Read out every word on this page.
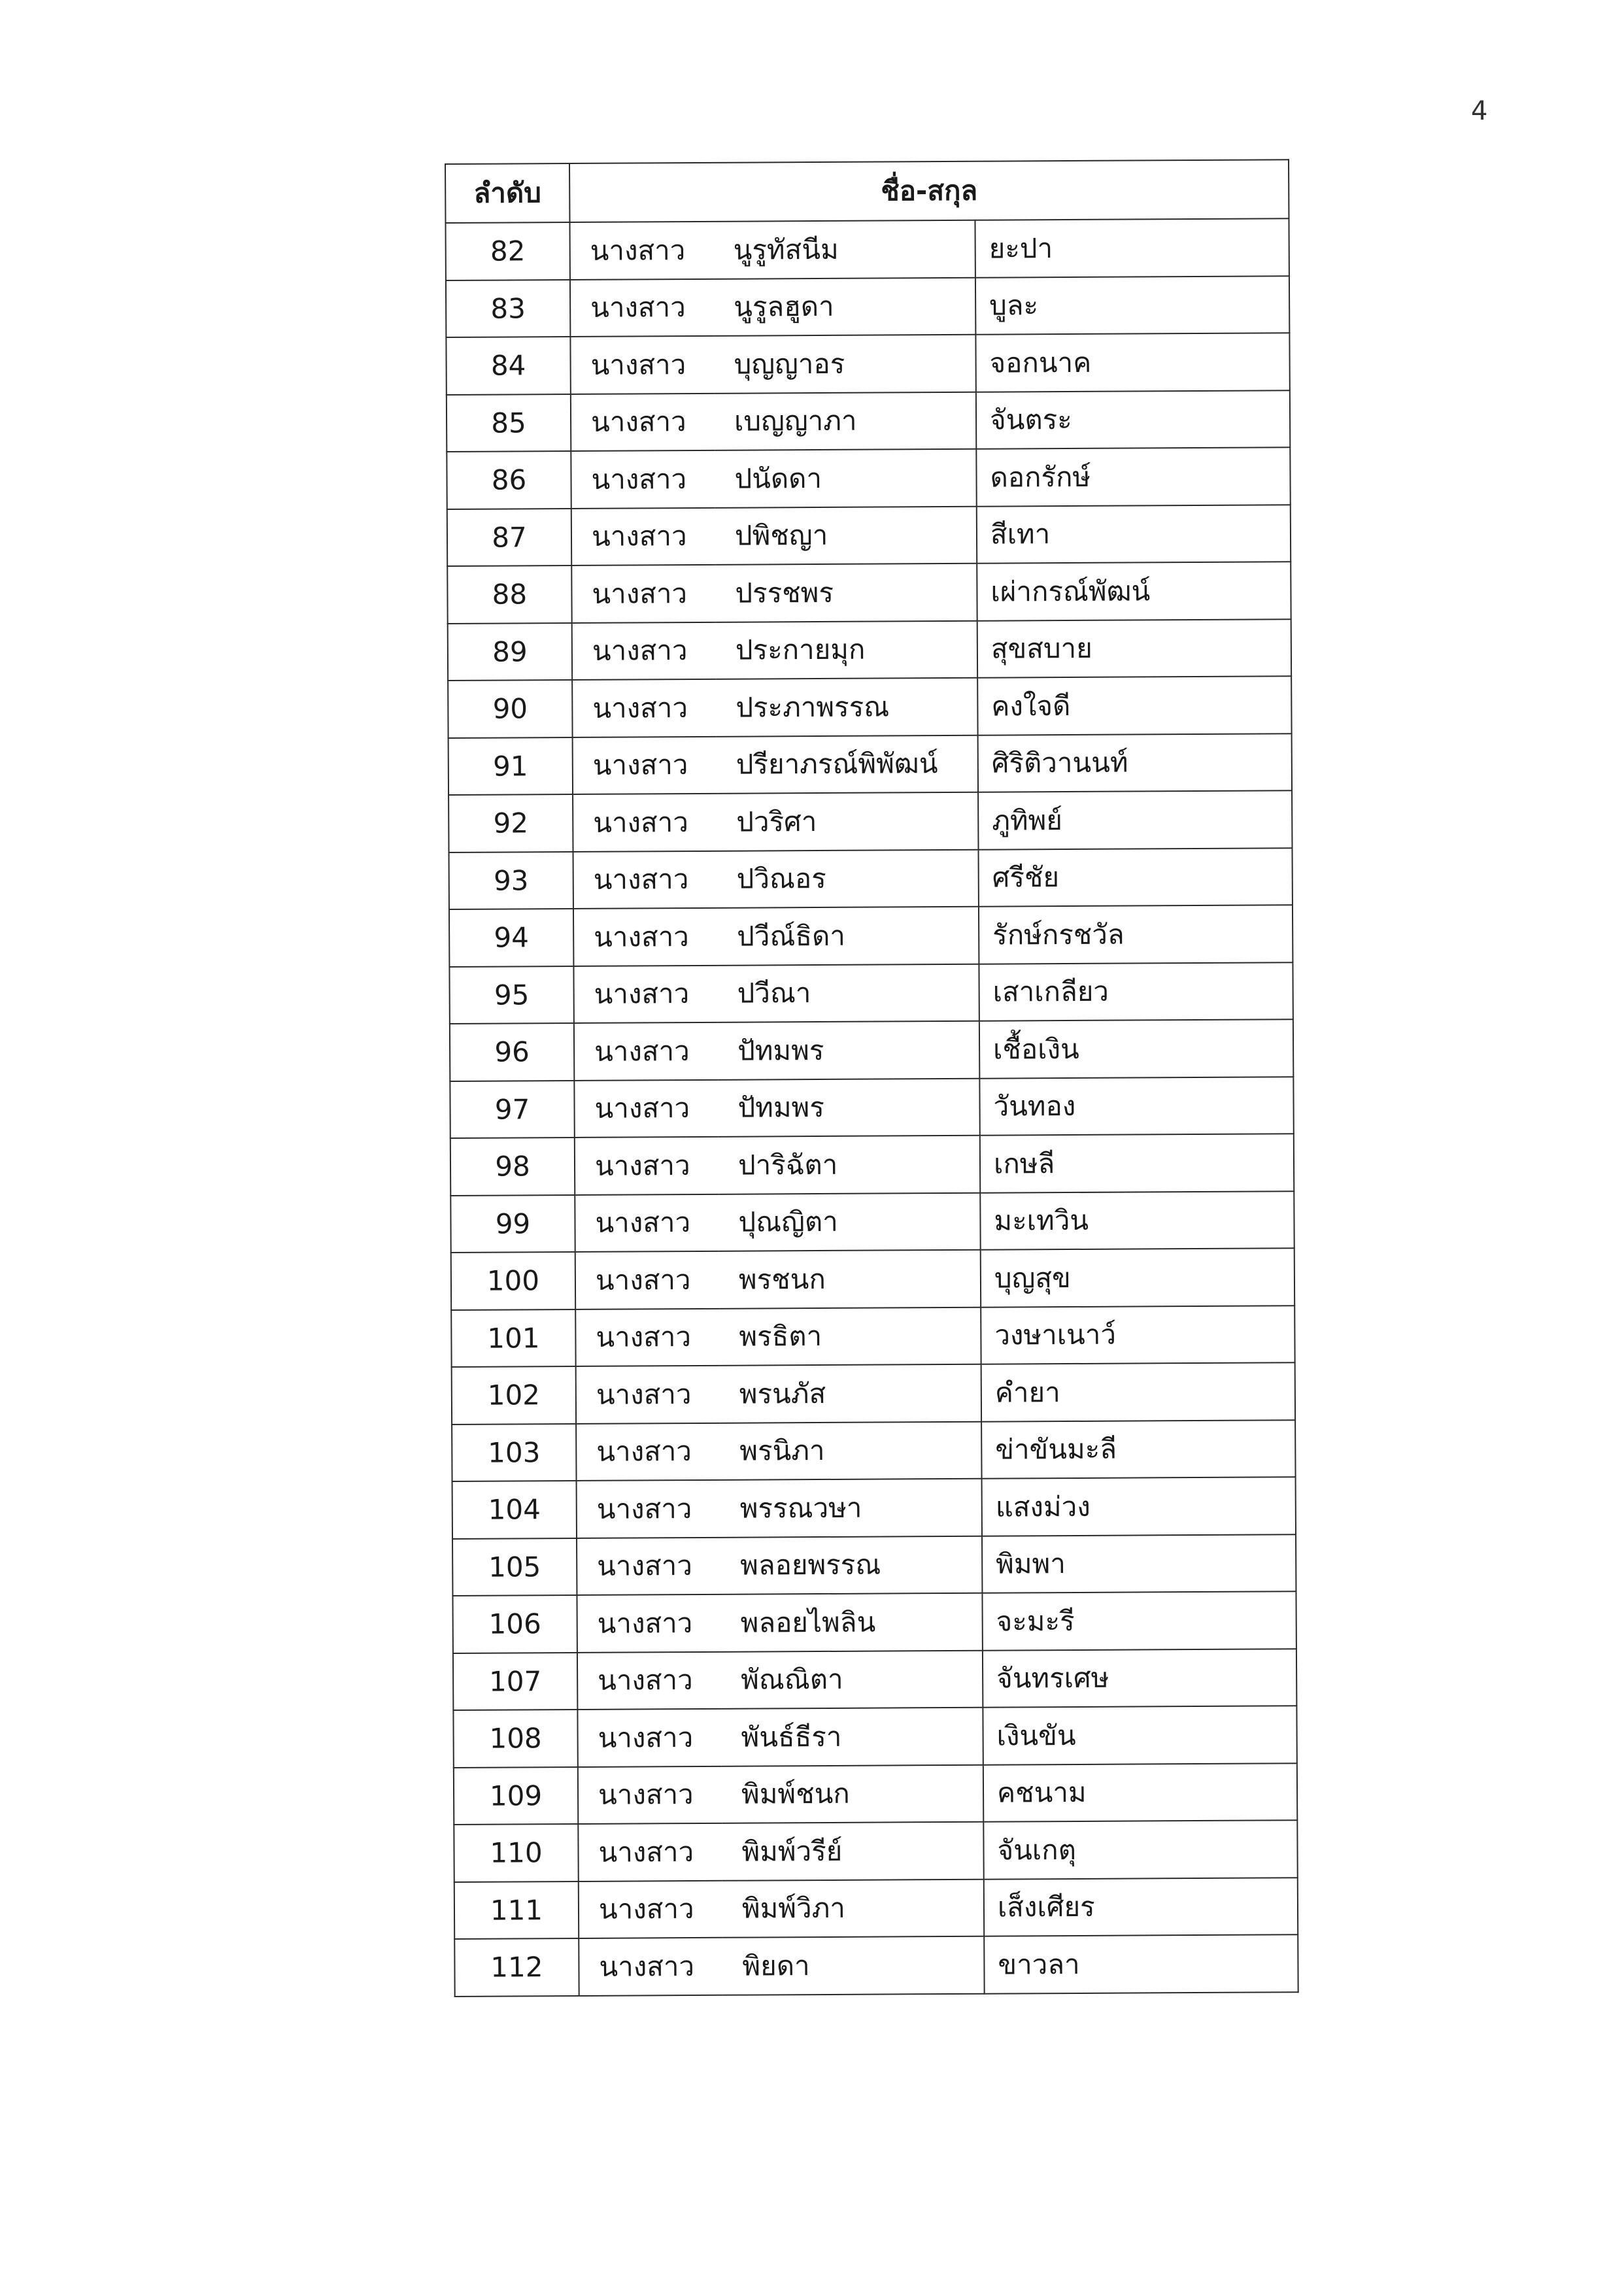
4
ลำดับ	ชื่อ-สกุล		
82	นางสาว	นูรูทัสนีม	ยะปา
83	นางสาว	นูรูลฮูดา	บูละ
84	นางสาว	บุญญาอร	จอกนาค
85	นางสาว	เบญญาภา	จันตระ
86	นางสาว	ปนัดดา	ดอกรักษ์
87	นางสาว	ปพิชญา	สีเทา
88	นางสาว	ปรรชพร	เผ่ากรณ์พัฒน์
89	นางสาว	ประกายมุก	สุขสบาย
90	นางสาว	ประภาพรรณ	คงใจดี
91	นางสาว	ปรียาภรณ์พิพัฒน์	ศิริติวานนท์
92	นางสาว	ปวริศา	ภูทิพย์
93	นางสาว	ปวิณอร	ศรีชัย
94	นางสาว	ปวีณ์ธิดา	รักษ์กรชวัล
95	นางสาว	ปวีณา	เสาเกลียว
96	นางสาว	ปัทมพร	เชื้อเงิน
97	นางสาว	ปัทมพร	วันทอง
98	นางสาว	ปาริฉัตา	เกษลี
99	นางสาว	ปุณญิตา	มะเทวิน
100	นางสาว	พรชนก	บุญสุข
101	นางสาว	พรธิตา	วงษาเนาว์
102	นางสาว	พรนภัส	คำยา
103	นางสาว	พรนิภา	ข่าขันมะลี
104	นางสาว	พรรณวษา	แสงม่วง
105	นางสาว	พลอยพรรณ	พิมพา
106	นางสาว	พลอยไพลิน	จะมะรี
107	นางสาว	พัณณิตา	จันทรเศษ
108	นางสาว	พันธ์ธีรา	เงินขัน
109	นางสาว	พิมพ์ชนก	คชนาม
110	นางสาว	พิมพ์วรีย์	จันเกตุ
111	นางสาว	พิมพ์วิภา	เส็งเศียร
112	นางสาว	พิยดา	ขาวลา
